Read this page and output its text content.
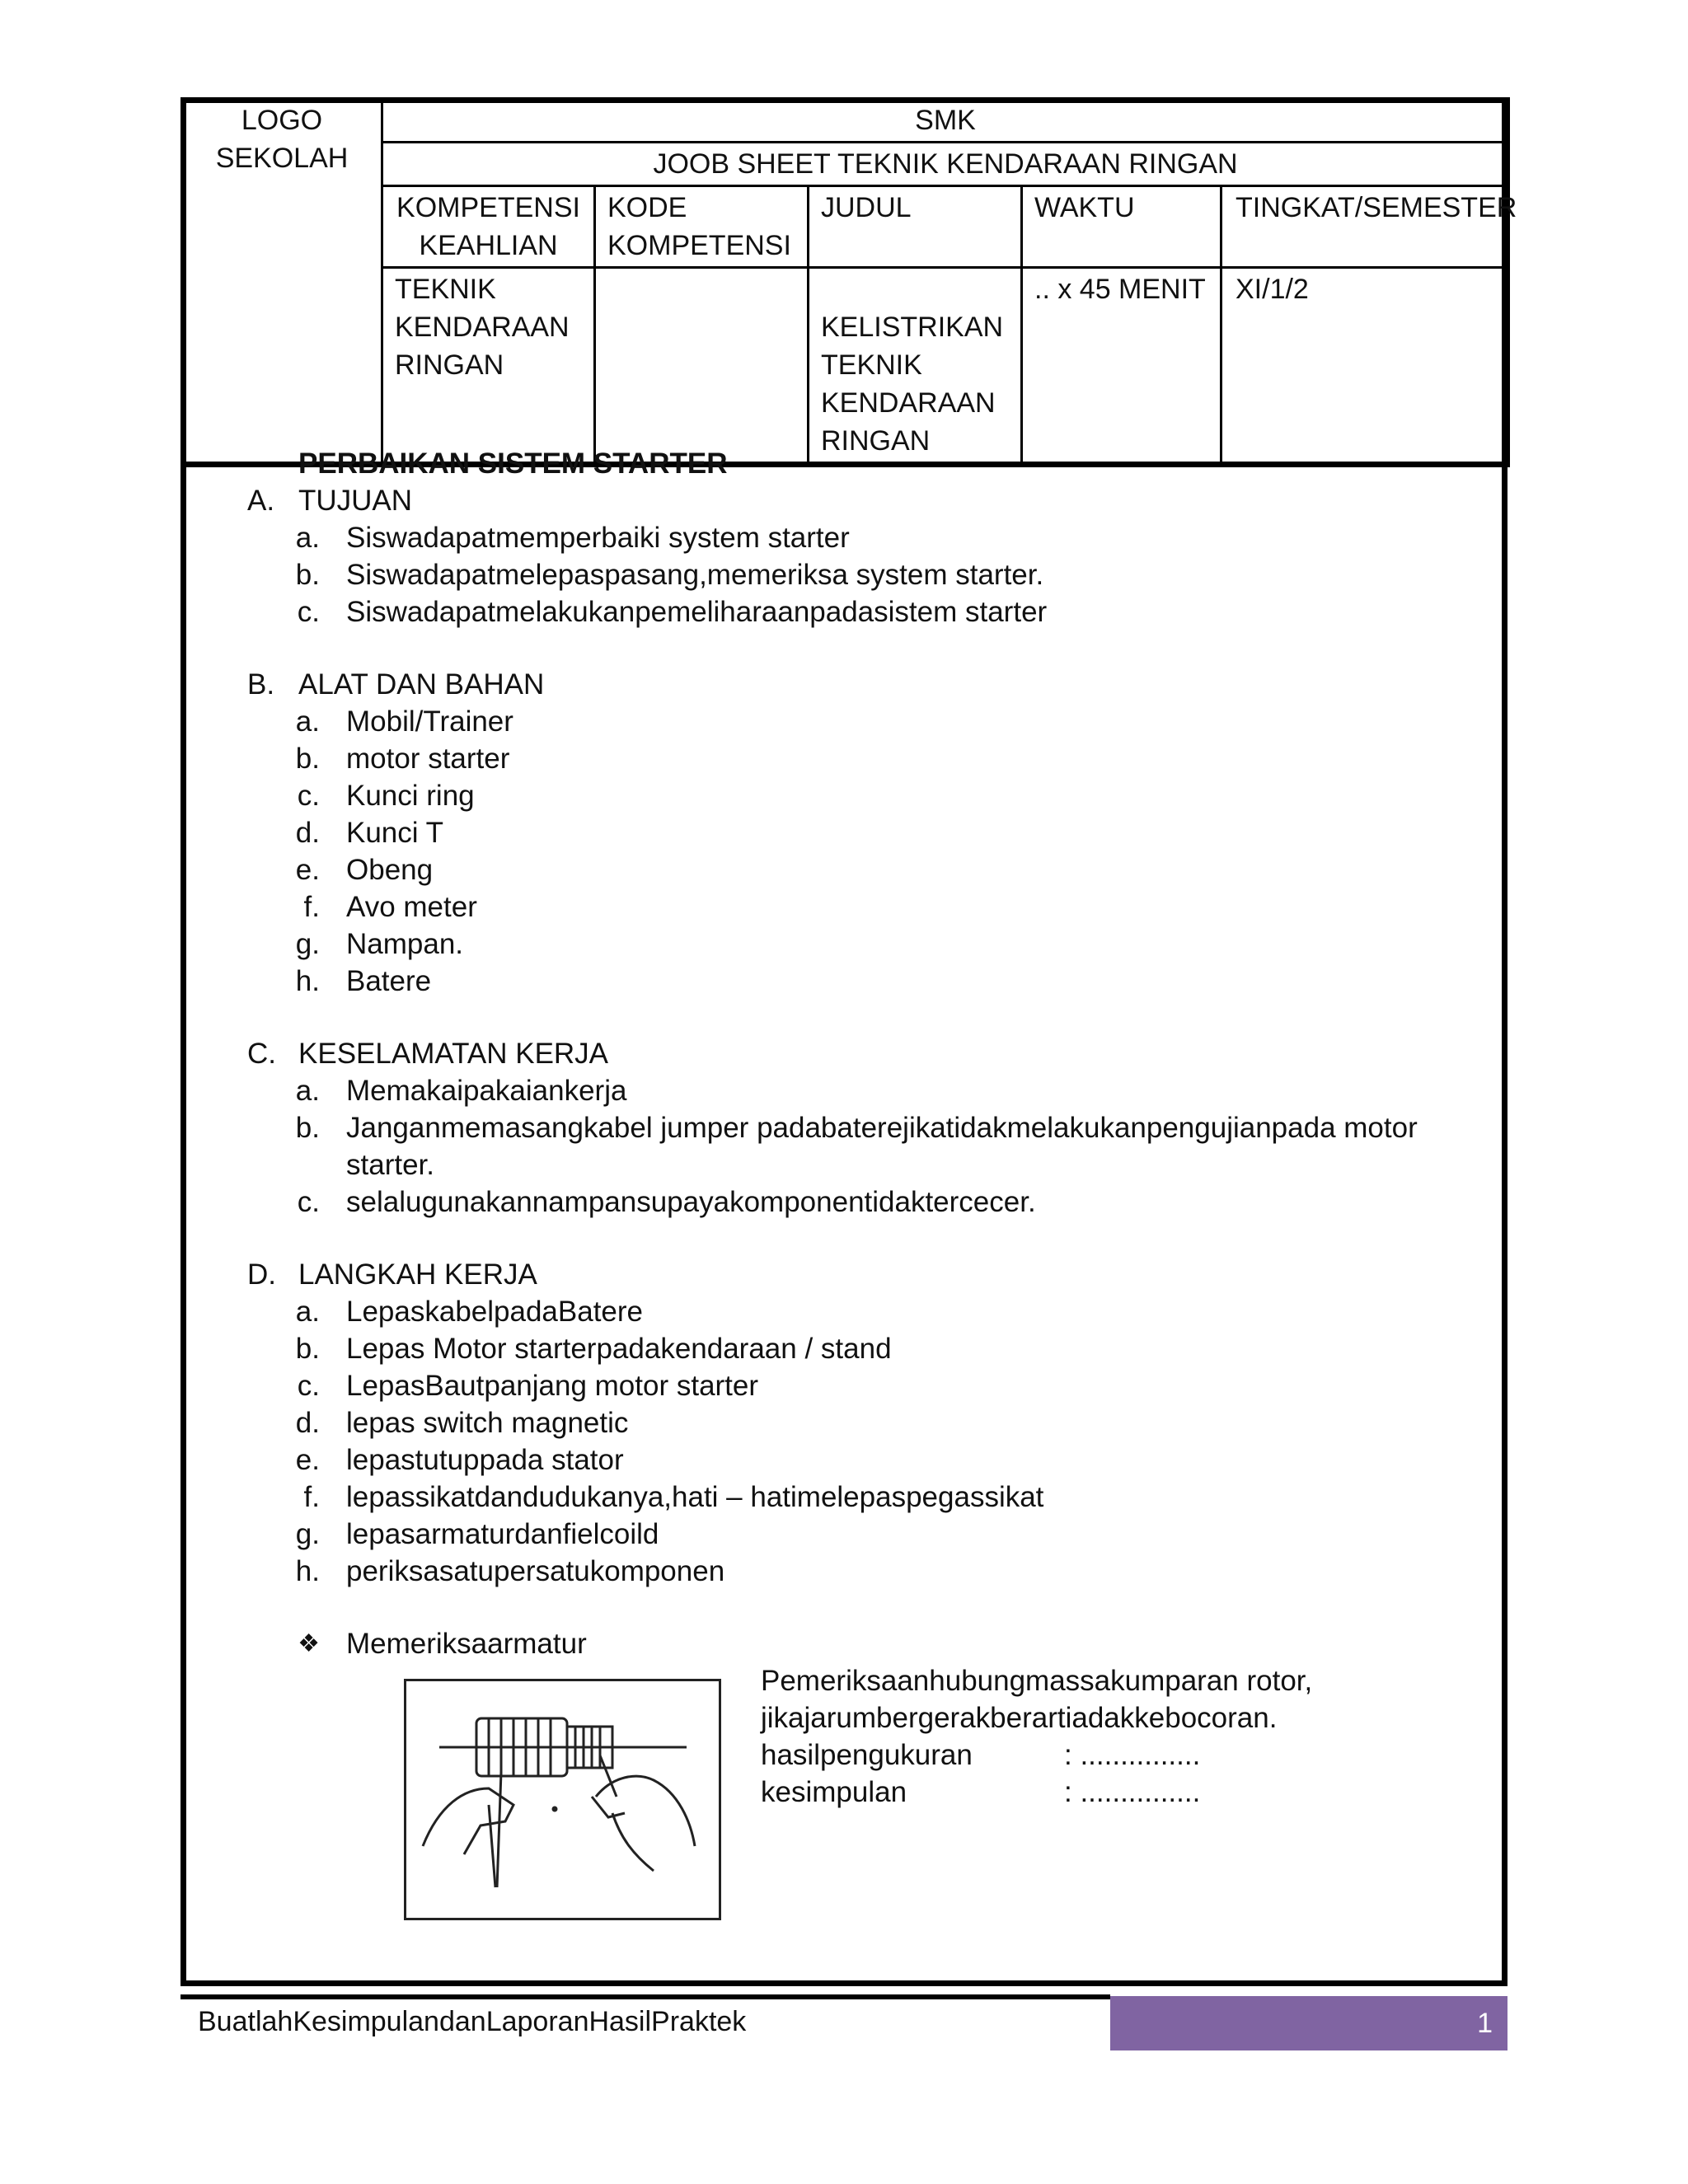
LOGO
SEKOLAH	SMK				
	JOOB SHEET TEKNIK KENDARAAN RINGAN				
	KOMPETENSI KEAHLIAN	KODE KOMPETENSI	JUDUL	WAKTU	TINGKAT/SEMESTER
	TEKNIK KENDARAAN RINGAN		KELISTRIKAN TEKNIK KENDARAAN RINGAN	.. x 45 MENIT	XI/1/2
PERBAIKAN SISTEM STARTER
A. TUJUAN
a. Siswadapatmemperbaiki system starter
b. Siswadapatmelepaspasang,memeriksa system starter.
c. Siswadapatmelakukanpemeliharaanpadasistem starter
B. ALAT DAN BAHAN
a. Mobil/Trainer
b. motor starter
c. Kunci ring
d. Kunci T
e. Obeng
f. Avo meter
g. Nampan.
h. Batere
C. KESELAMATAN KERJA
a. Memakaipakaiankerja
b. Janganmemasangkabel jumper padabaterejikatidakmelakukanpengujianpada motor starter.
c. selalugunakannampansupayakomponentidaktercecer.
D. LANGKAH KERJA
a. LepaskabelpadaBatere
b. Lepas Motor starterpadakendaraan / stand
c. LepasBautpanjang motor starter
d. lepas switch magnetic
e. lepastutuppada stator
f. lepassikatdandudukanya,hati – hatimelepaspegassikat
g. lepasarmaturdanfielcoild
h. periksasatupersatukomponen
❖ Memeriksaarmatur
Pemeriksaanhubungmassakumparan rotor,
jikajarumbergerakberartiadakkebocoran.
hasilpengukuran	: ...............
kesimpulan	: ...............
BuatlahKesimpulandanLaporanHasilPraktek	1
